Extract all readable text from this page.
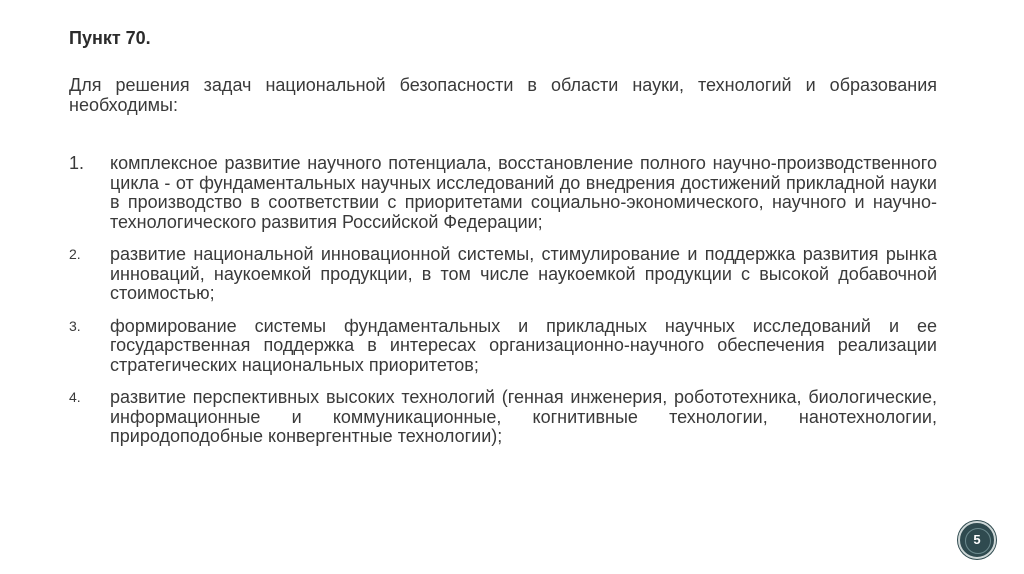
Пункт 70.
Для решения задач национальной безопасности в области науки, технологий и образования необходимы:
1. комплексное развитие научного потенциала, восстановление полного научно-производственного цикла - от фундаментальных научных исследований до внедрения достижений прикладной науки в производство в соответствии с приоритетами социально-экономического, научного и научно-технологического развития Российской Федерации;
2. развитие национальной инновационной системы, стимулирование и поддержка развития рынка инноваций, наукоемкой продукции, в том числе наукоемкой продукции с высокой добавочной стоимостью;
3. формирование системы фундаментальных и прикладных научных исследований и ее государственная поддержка в интересах организационно-научного обеспечения реализации стратегических национальных приоритетов;
4. развитие перспективных высоких технологий (генная инженерия, робототехника, биологические, информационные и коммуникационные, когнитивные технологии, нанотехнологии, природоподобные конвергентные технологии);
5
